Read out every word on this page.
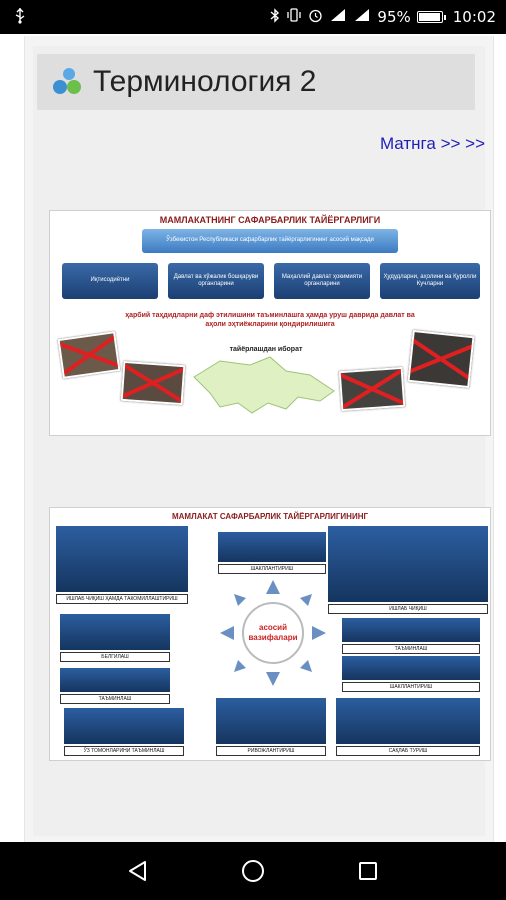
95%	10:02
Терминология 2
Матнга >> >>
МАМЛАКАТНИНГ САФАРБАРЛИК ТАЙЁРГАРЛИГИ
Ўзбекистон Республикаси сафарбарлик тайёргарлигининг асосий мақсади
Иқтисодиётни
Давлат ва хўжалик бошқаруви органларини
Маҳаллий давлат ҳокимияти органларини
Ҳудудларни, аҳолини ва Қуролли Кучларни
ҳарбий таҳдидларни даф этилишини таъминлашга ҳамда уруш даврида давлат ва аҳоли эҳтиёжларини қондирилишига
тайёрлашдан иборат
МАМЛАКАТ САФАРБАРЛИК ТАЙЁРГАРЛИГИНИНГ
ИШЛАБ ЧИҚИШ ҲАМДА ТАКОМИЛЛАШТИРИШ
ШАКЛЛАНТИРИШ
ИШЛАБ ЧИҚИШ
БЕЛГИЛАШ
ТАЪМИНЛАШ
ТАЪМИНЛАШ
ШАКЛЛАНТИРИШ
ЎЗ ТОМОНЛАРИНИ ТАЪМИНЛАШ	РИВОЖЛАНТИРИШ	САҚЛАБ ТУРИШ
асосий вазифалари
